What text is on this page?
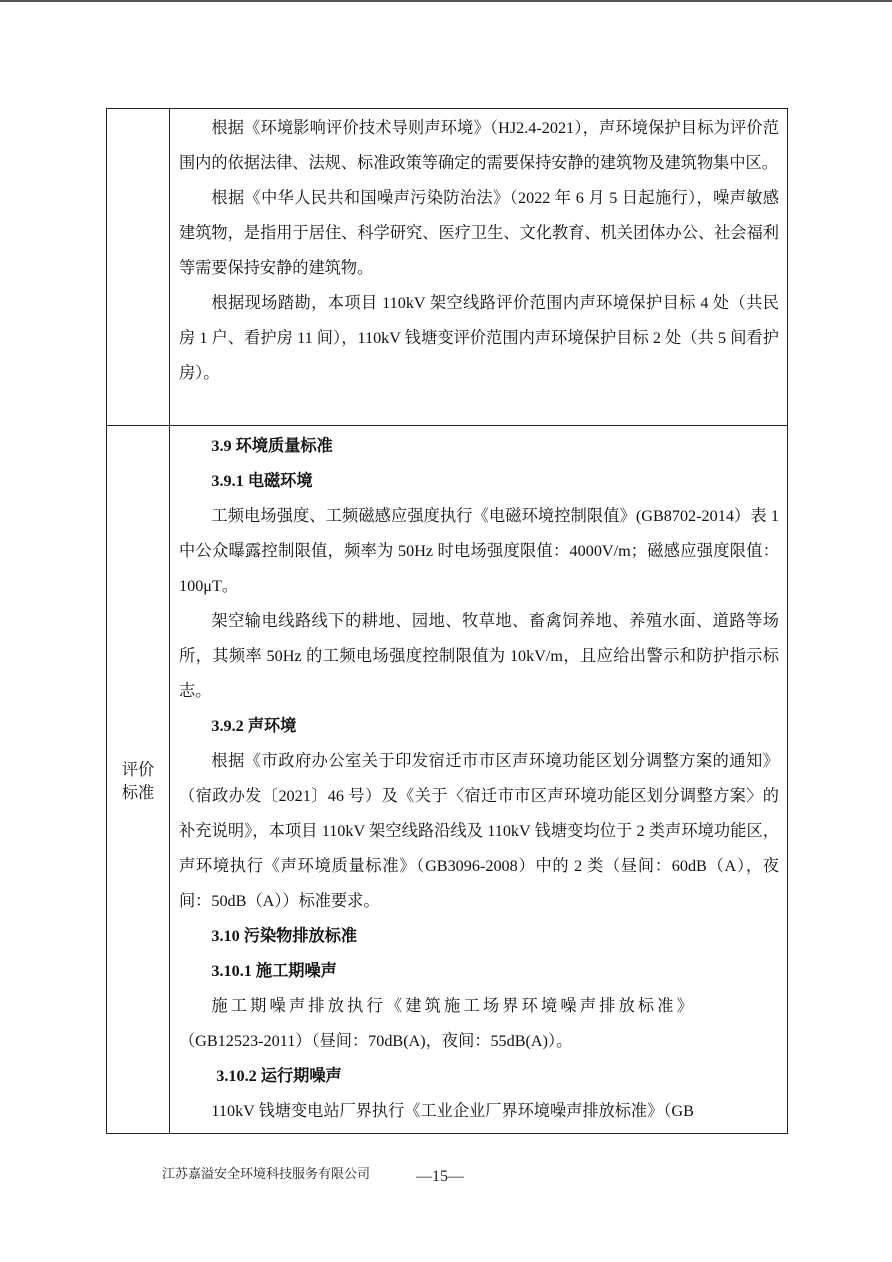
根据《环境影响评价技术导则声环境》（HJ2.4-2021），声环境保护目标为评价范围内的依据法律、法规、标准政策等确定的需要保持安静的建筑物及建筑物集中区。

根据《中华人民共和国噪声污染防治法》（2022 年 6 月 5 日起施行），噪声敏感建筑物，是指用于居住、科学研究、医疗卫生、文化教育、机关团体办公、社会福利等需要保持安静的建筑物。

根据现场踏勘，本项目 110kV 架空线路评价范围内声环境保护目标 4 处（共民房 1 户、看护房 11 间），110kV 钱塘变评价范围内声环境保护目标 2 处（共 5 间看护房）。

评价
标准

3.9 环境质量标准

3.9.1 电磁环境

工频电场强度、工频磁感应强度执行《电磁环境控制限值》(GB8702-2014）表 1 中公众曝露控制限值，频率为 50Hz 时电场强度限值：4000V/m；磁感应强度限值：100μT。

架空输电线路线下的耕地、园地、牧草地、畜禽饲养地、养殖水面、道路等场所，其频率 50Hz 的工频电场强度控制限值为 10kV/m，且应给出警示和防护指示标志。

3.9.2 声环境

根据《市政府办公室关于印发宿迁市市区声环境功能区划分调整方案的通知》（宿政办发〔2021〕46 号）及《关于〈宿迁市市区声环境功能区划分调整方案〉的补充说明》，本项目 110kV 架空线路沿线及 110kV 钱塘变均位于 2 类声环境功能区，声环境执行《声环境质量标准》（GB3096-2008）中的 2 类（昼间：60dB（A），夜间：50dB（A））标准要求。

3.10 污染物排放标准

3.10.1 施工期噪声

施工期噪声排放执行《建筑施工场界环境噪声排放标准》

（GB12523-2011）（昼间：70dB(A)，夜间：55dB(A)）。

3.10.2 运行期噪声

110kV 钱塘变电站厂界执行《工业企业厂界环境噪声排放标准》（GB

江苏嘉溢安全环境科技服务有限公司	—15—
